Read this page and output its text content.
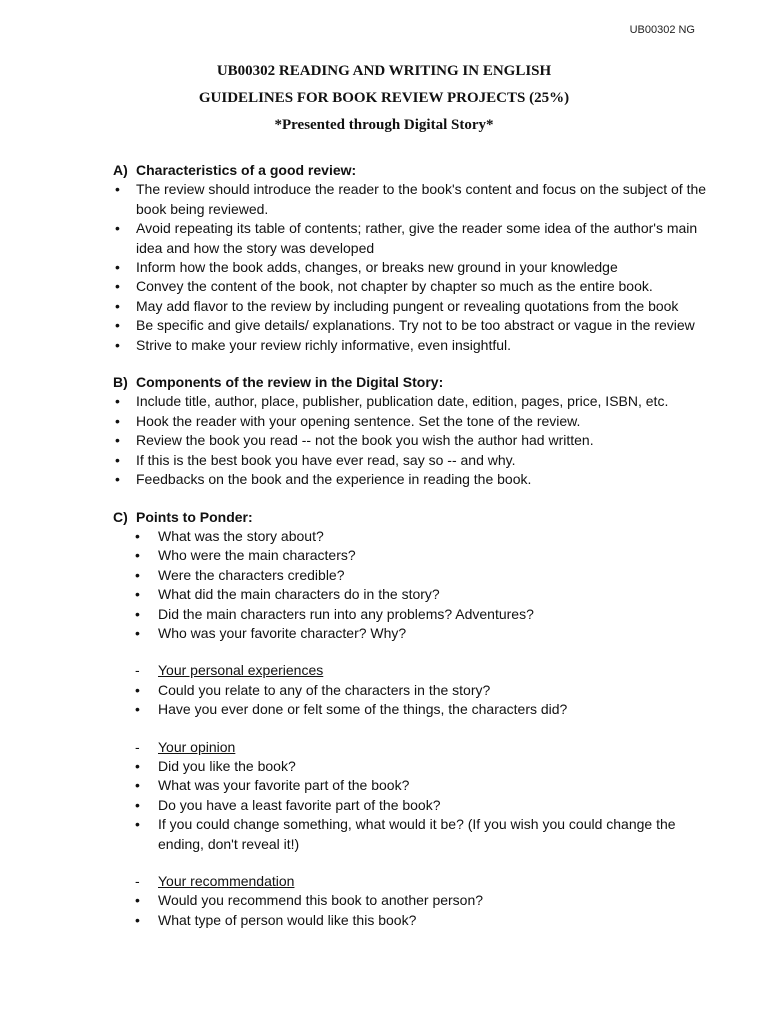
UB00302 NG
UB00302 READING AND WRITING IN ENGLISH
GUIDELINES FOR BOOK REVIEW PROJECTS (25%)
*Presented through Digital Story*

A) Characteristics of a good review:

• The review should introduce the reader to the book's content and focus on the subject of the book being reviewed.
• Avoid repeating its table of contents; rather, give the reader some idea of the author's main idea and how the story was developed
• Inform how the book adds, changes, or breaks new ground in your knowledge
• Convey the content of the book, not chapter by chapter so much as the entire book.
• May add flavor to the review by including pungent or revealing quotations from the book
• Be specific and give details/ explanations. Try not to be too abstract or vague in the review
• Strive to make your review richly informative, even insightful.

B) Components of the review in the Digital Story:

• Include title, author, place, publisher, publication date, edition, pages, price, ISBN, etc.
• Hook the reader with your opening sentence. Set the tone of the review.
• Review the book you read -- not the book you wish the author had written.
• If this is the best book you have ever read, say so -- and why.
• Feedbacks on the book and the experience in reading the book.

C) Points to Ponder:

• What was the story about?
• Who were the main characters?
• Were the characters credible?
• What did the main characters do in the story?
• Did the main characters run into any problems? Adventures?
• Who was your favorite character? Why?
- Your personal experiences
• Could you relate to any of the characters in the story?
• Have you ever done or felt some of the things, the characters did?
- Your opinion
• Did you like the book?
• What was your favorite part of the book?
• Do you have a least favorite part of the book?
• If you could change something, what would it be? (If you wish you could change the ending, don't reveal it!)
- Your recommendation
• Would you recommend this book to another person?
• What type of person would like this book?
